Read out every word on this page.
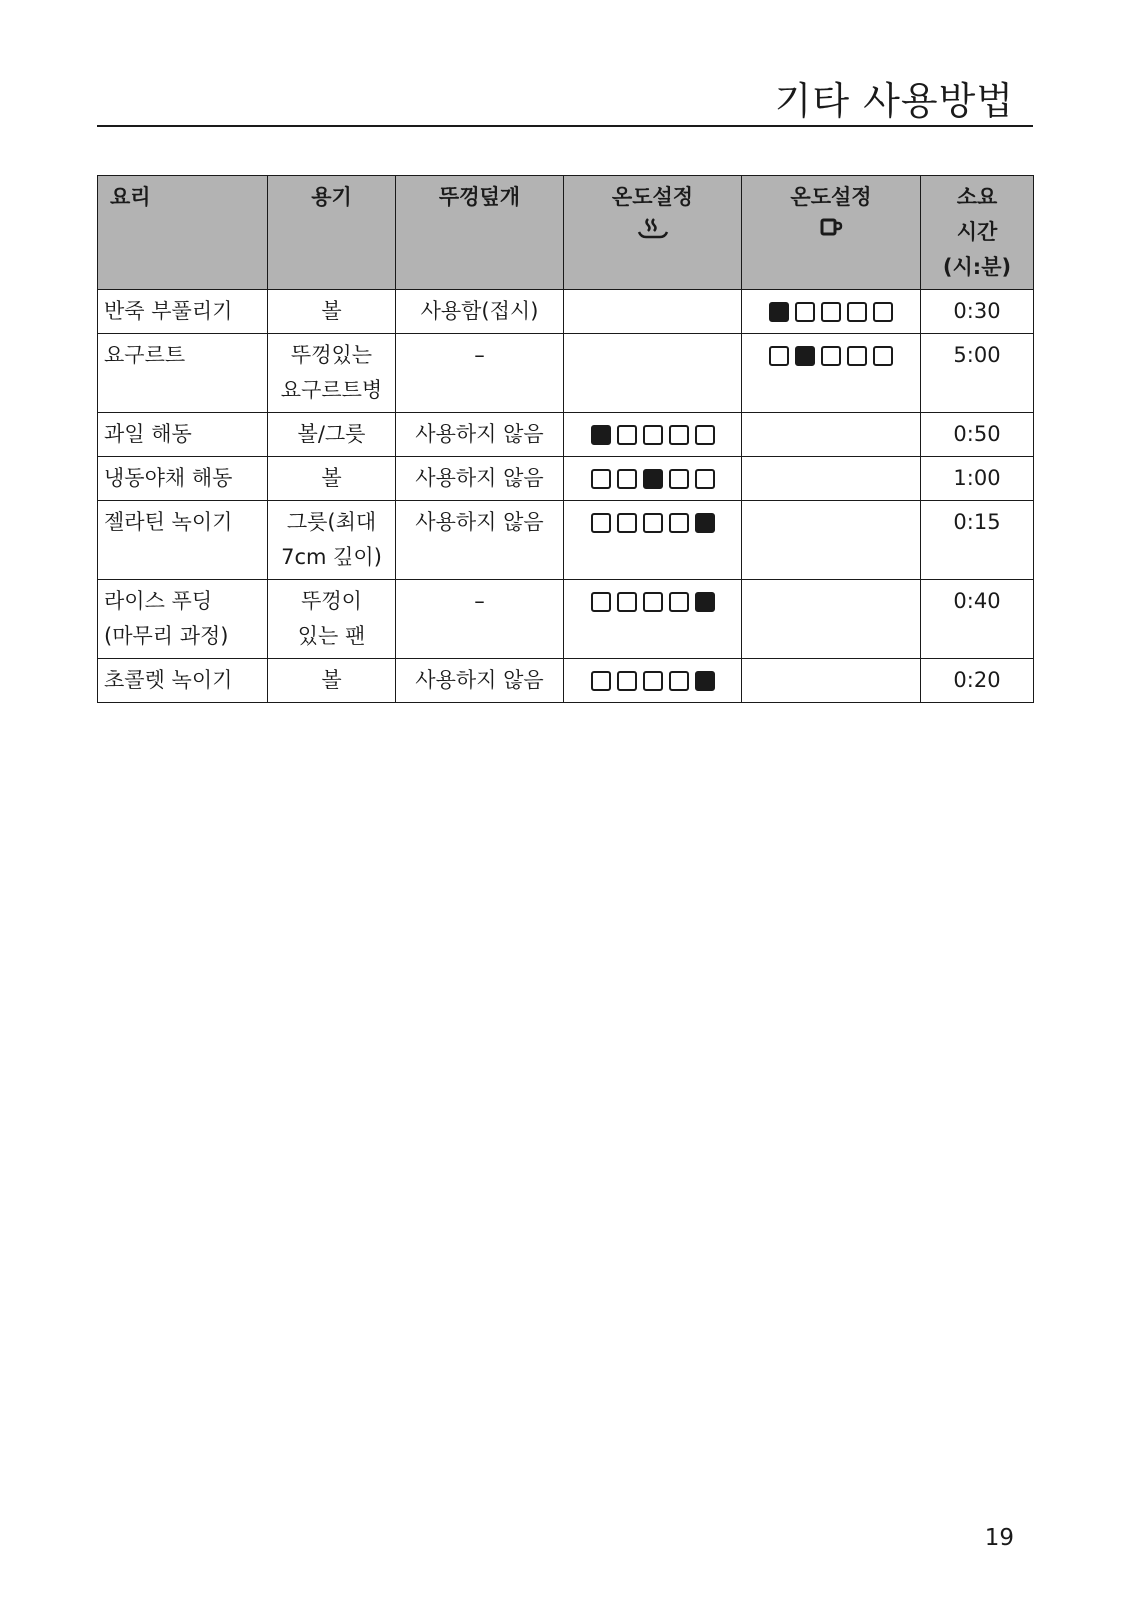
기타 사용방법
요리	용기	뚜껑덮개	온도설정	온도설정	소요
시간
(시:분)

반죽 부풀리기	볼	사용함(접시)			0:30

요구르트	뚜껑있는
요구르트병	–			5:00

과일 해동	볼/그릇	사용하지 않음			0:50

냉동야채 해동	볼	사용하지 않음			1:00

젤라틴 녹이기	그릇(최대
7cm 깊이)	사용하지 않음			0:15

라이스 푸딩
(마무리 과정)	뚜껑이
있는 팬	–			0:40

초콜렛 녹이기	볼	사용하지 않음			0:20
19
